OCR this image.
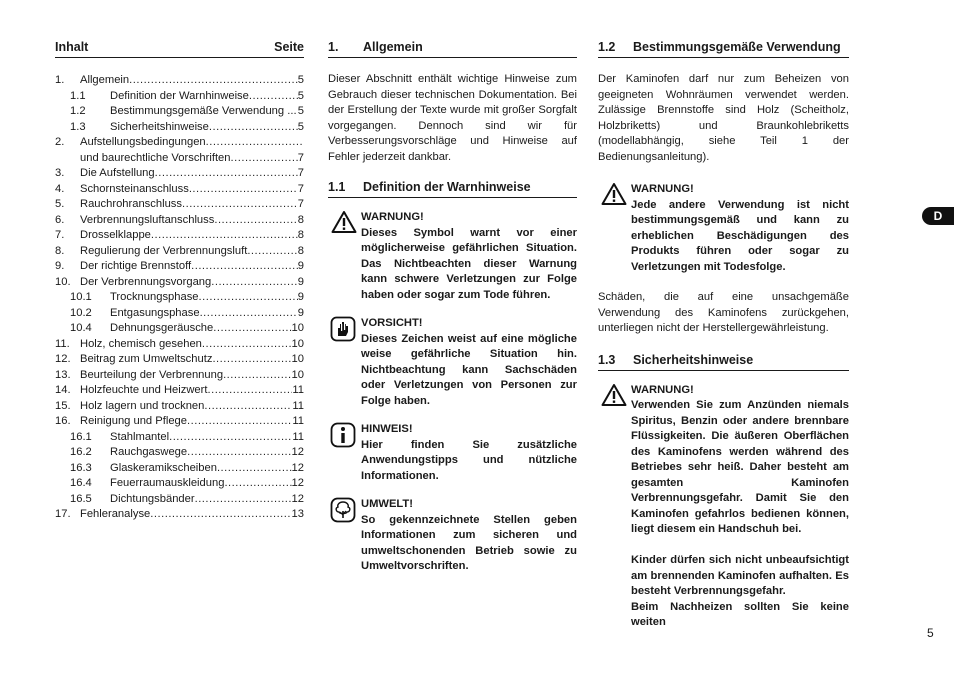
Inhalt	Seite
1.	Allgemein .....	5
1.1	Definition der Warnhinweise .....	5
1.2	Bestimmungsgemäße Verwendung .. ..... 5
1.3	Sicherheitshinweise .....	5
2.	Aufstellungsbedingungen
.....
und baurechtliche Vorschriften .....	7
3.	Die Aufstellung .....	7
4.	Schornsteinanschluss .....	7
5.	Rauchrohranschluss .....	7
6.	Verbrennungsluftanschluss .....	8
7.	Drosselklappe .....	8
8.	Regulierung der Verbrennungsluft .....	8
9.	Der richtige Brennstoff .....	9
10. Der Verbrennungsvorgang .....	9
10.1	Trocknungsphase .....	9
10.2	Entgasungsphase .....	9
10.4	Dehnungsgeräusche .....	10
11. Holz, chemisch gesehen .....	10
12. Beitrag zum Umweltschutz .....	10
13. Beurteilung der Verbrennung .....	10
14. Holzfeuchte und Heizwert .....	11
15. Holz lagern und trocknen .....	11
16. Reinigung und Pflege .....	11
16.1	Stahlmantel .....	11
16.2	Rauchgaswege .....	12
16.3	Glaskeramikscheiben .....	12
16.4	Feuerraumauskleidung .....	12
16.5	Dichtungsbänder .....	12
17. Fehleranalyse .....	13
1.	Allgemein

Dieser Abschnitt enthält wichtige Hinweise zum Gebrauch dieser technischen Dokumentation. Bei der Erstellung der Texte wurde mit großer Sorgfalt vorgegangen. Dennoch sind wir für Verbesserungsvorschläge und Hinweise auf Fehler jederzeit dankbar.

1.1	Definition der Warnhinweise
WARNUNG!
Dieses Symbol warnt vor einer möglicherweise gefährlichen Situation. Das Nichtbeachten dieser Warnung kann schwere Verletzungen zur Folge haben oder sogar zum Tode führen.
VORSICHT!
Dieses Zeichen weist auf eine mögliche weise gefährliche Situation hin. Nichtbeachtung kann Sachschäden oder Verletzungen von Personen zur Folge haben.
HINWEIS!
Hier finden Sie zusätzliche Anwendungstipps und nützliche Informationen.
UMWELT!
So gekennzeichnete Stellen geben Informationen zum sicheren und umweltschonenden Betrieb sowie zu Umweltvorschriften.
1.2	Bestimmungsgemäße Verwendung

Der Kaminofen darf nur zum Beheizen von geeigneten Wohnräumen verwendet werden. Zulässige Brennstoffe sind Holz (Scheitholz, Holzbriketts) und Braunkohlebriketts (modellabhängig, siehe Teil 1 der Bedienungsanleitung).

WARNUNG!
Jede andere Verwendung ist nicht bestimmungsgemäß und kann zu erheblichen Beschädigungen des Produkts führen oder sogar zu Verletzungen mit Todesfolge.

Schäden, die auf eine unsachgemäße Verwendung des Kaminofens zurückgehen, unterliegen nicht der Herstellergewährleistung.

1.3	Sicherheitshinweise
WARNUNG!
Verwenden Sie zum Anzünden niemals Spiritus, Benzin oder andere brennbare Flüssigkeiten. Die äußeren Oberflächen des Kaminofens werden während des Betriebes sehr heiß. Daher besteht am gesamten Kaminofen Verbrennungsgefahr. Damit Sie den Kaminofen gefahrlos bedienen können, liegt diesem ein Handschuh bei.
Kinder dürfen sich nicht unbeaufsichtigt am brennenden Kaminofen aufhalten. Es besteht Verbrennungsgefahr.
Beim Nachheizen sollten Sie keine weiten
D
5
